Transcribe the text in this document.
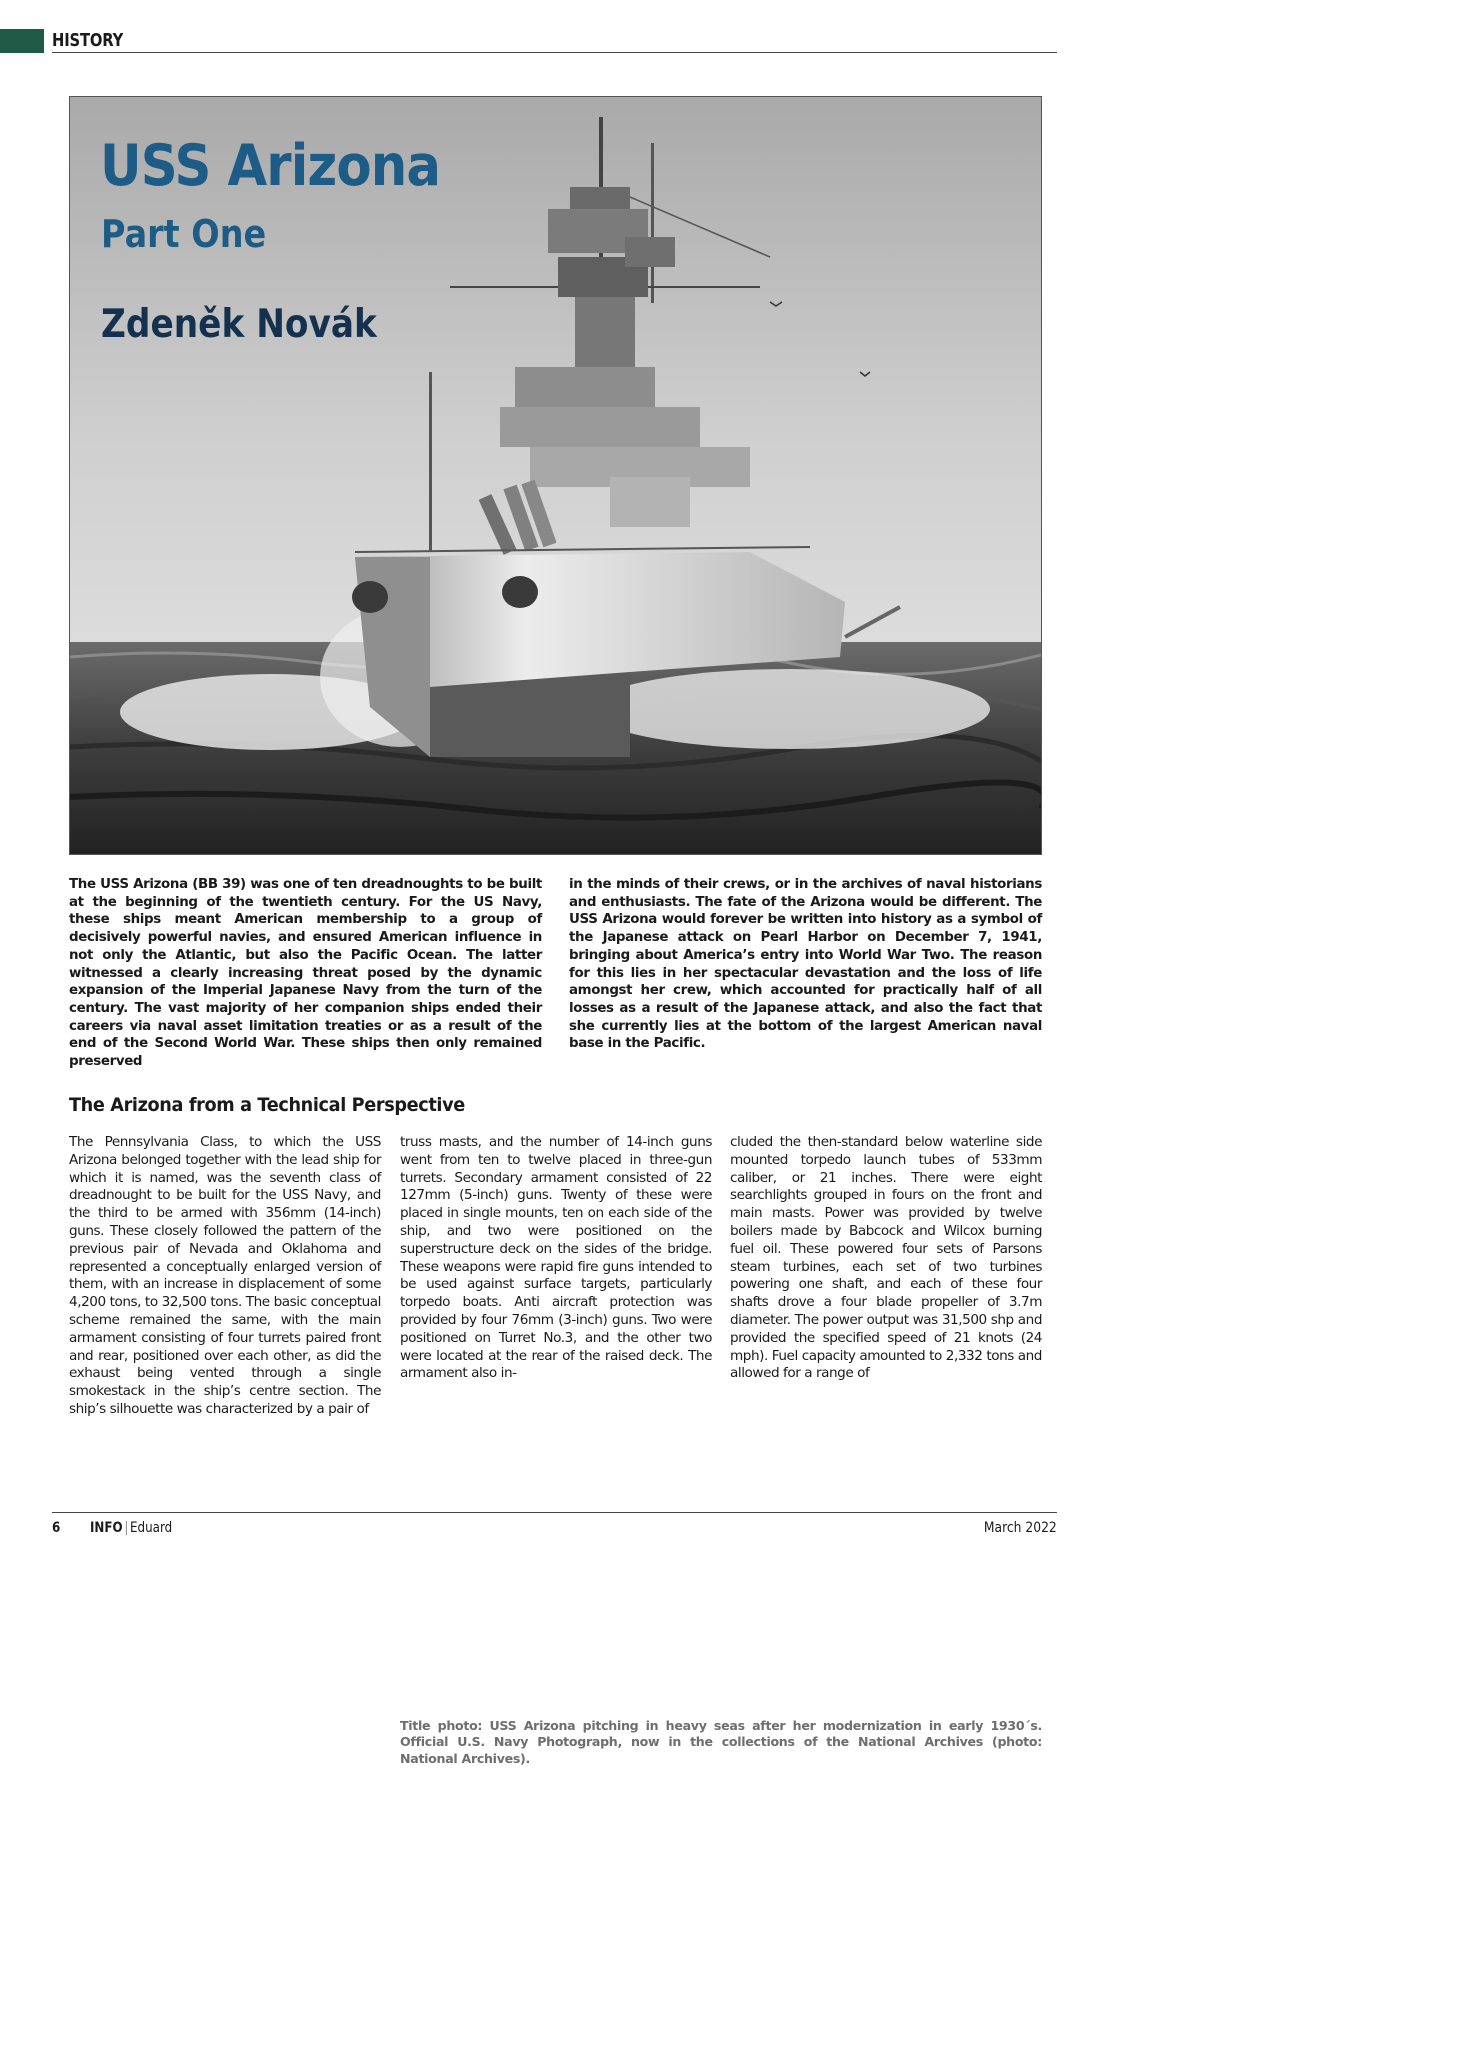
HISTORY
USS Arizona
Part One
Zdeněk Novák
The USS Arizona (BB 39) was one of ten dreadnoughts to be built at the beginning of the twentieth century. For the US Navy, these ships meant American membership to a group of decisively powerful navies, and ensured American influence in not only the Atlantic, but also the Pacific Ocean. The latter witnessed a clearly increasing threat posed by the dynamic expansion of the Imperial Japanese Navy from the turn of the century. The vast majority of her companion ships ended their careers via naval asset limitation treaties or as a result of the end of the Second World War. These ships then only remained preserved
in the minds of their crews, or in the archives of naval historians and enthusiasts. The fate of the Arizona would be different. The USS Arizona would forever be written into history as a symbol of the Japanese attack on Pearl Harbor on December 7, 1941, bringing about America’s entry into World War Two. The reason for this lies in her spectacular devastation and the loss of life amongst her crew, which accounted for practically half of all losses as a result of the Japanese attack, and also the fact that she currently lies at the bottom of the largest American naval base in the Pacific.
The Arizona from a Technical Perspective
The Pennsylvania Class, to which the USS Arizona belonged together with the lead ship for which it is named, was the seventh class of dreadnought to be built for the USS Navy, and the third to be armed with 356mm (14-inch) guns. These closely followed the pattern of the previous pair of Nevada and Oklahoma and represented a conceptually enlarged version of them, with an increase in displacement of some 4,200 tons, to 32,500 tons. The basic conceptual scheme remained the same, with the main armament consisting of four turrets paired front and rear, positioned over each other, as did the exhaust being vented through a single smokestack in the ship’s centre section. The ship’s silhouette was characterized by a pair of
truss masts, and the number of 14-inch guns went from ten to twelve placed in three-gun turrets. Secondary armament consisted of 22 127mm (5-inch) guns. Twenty of these were placed in single mounts, ten on each side of the ship, and two were positioned on the superstructure deck on the sides of the bridge. These weapons were rapid fire guns intended to be used against surface targets, particularly torpedo boats. Anti aircraft protection was provided by four 76mm (3-inch) guns. Two were positioned on Turret No.3, and the other two were located at the rear of the raised deck. The armament also in-
cluded the then-standard below waterline side mounted torpedo launch tubes of 533mm caliber, or 21 inches. There were eight searchlights grouped in fours on the front and main masts. Power was provided by twelve boilers made by Babcock and Wilcox burning fuel oil. These powered four sets of Parsons steam turbines, each set of two turbines powering one shaft, and each of these four shafts drove a four blade propeller of 3.7m diameter. The power output was 31,500 shp and provided the specified speed of 21 knots (24 mph). Fuel capacity amounted to 2,332 tons and allowed for a range of
Title photo: USS Arizona pitching in heavy seas after her modernization in early 1930´s. Official U.S. Navy Photograph, now in the collections of the National Archives (photo: National Archives).
6 INFO | Eduard	March 2022
